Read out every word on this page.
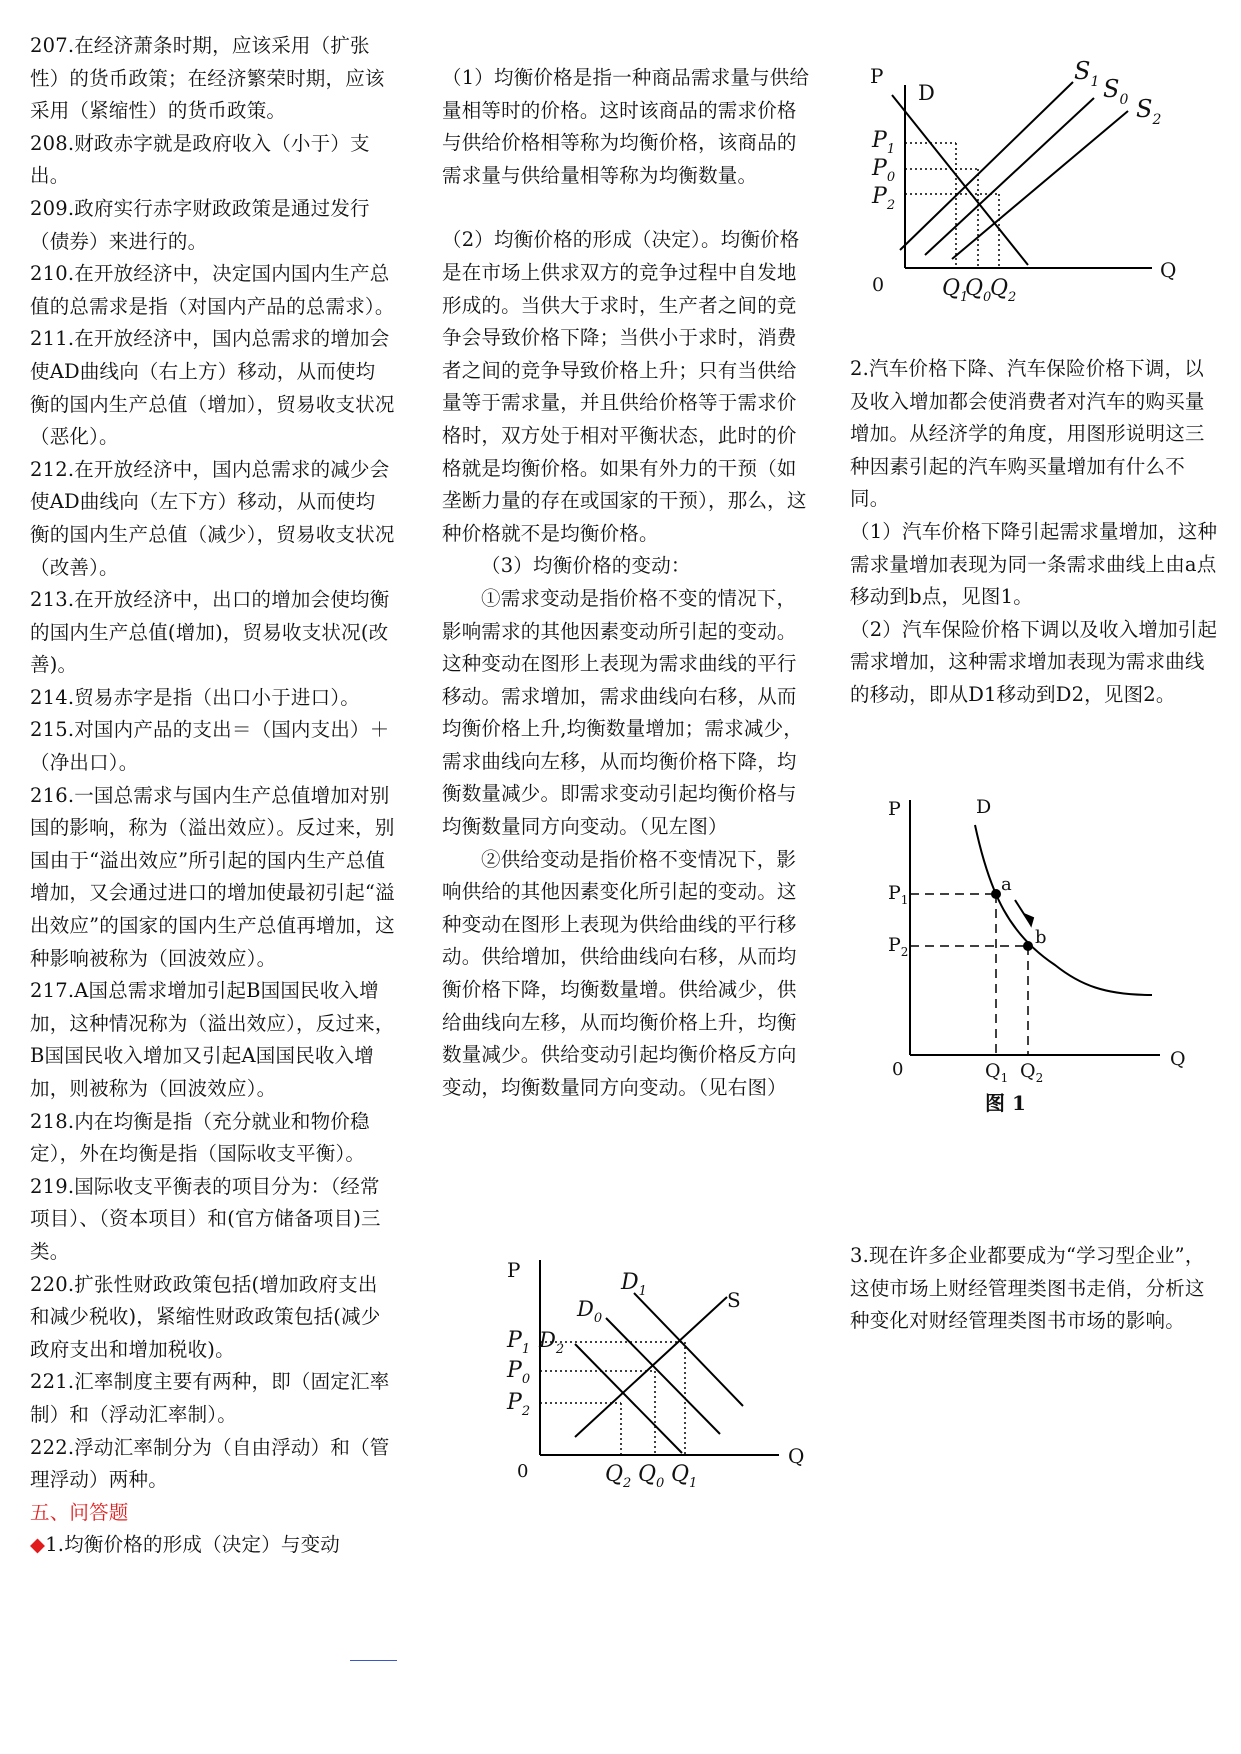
207.在经济萧条时期，应该采用（扩张性）的货币政策；在经济繁荣时期，应该采用（紧缩性）的货币政策。

208.财政赤字就是政府收入（小于）支出。

209.政府实行赤字财政政策是通过发行（债券）来进行的。

210.在开放经济中，决定国内国内生产总值的总需求是指（对国内产品的总需求）。

211.在开放经济中，国内总需求的增加会使AD曲线向（右上方）移动，从而使均衡的国内生产总值（增加），贸易收支状况（恶化）。

212.在开放经济中，国内总需求的减少会使AD曲线向（左下方）移动，从而使均衡的国内生产总值（减少），贸易收支状况（改善）。

213.在开放经济中，出口的增加会使均衡的国内生产总值(增加)，贸易收支状况(改善)。

214.贸易赤字是指（出口小于进口）。

215.对国内产品的支出＝（国内支出）＋（净出口）。

216.一国总需求与国内生产总值增加对别国的影响，称为（溢出效应）。反过来，别国由于“溢出效应”所引起的国内生产总值增加，又会通过进口的增加使最初引起“溢出效应”的国家的国内生产总值再增加，这种影响被称为（回波效应）。

217.A国总需求增加引起B国国民收入增加，这种情况称为（溢出效应），反过来，B国国民收入增加又引起A国国民收入增加，则被称为（回波效应）。

218.内在均衡是指（充分就业和物价稳定），外在均衡是指（国际收支平衡）。

219.国际收支平衡表的项目分为：（经常项目）、（资本项目）和(官方储备项目)三类。

220.扩张性财政政策包括(增加政府支出和减少税收)，紧缩性财政政策包括(减少政府支出和增加税收)。

221.汇率制度主要有两种，即（固定汇率制）和（浮动汇率制）。

222.浮动汇率制分为（自由浮动）和（管理浮动）两种。

五、问答题

◆1.均衡价格的形成（决定）与变动

（1）均衡价格是指一种商品需求量与供给量相等时的价格。这时该商品的需求价格与供给价格相等称为均衡价格，该商品的需求量与供给量相等称为均衡数量。

（2）均衡价格的形成（决定）。均衡价格是在市场上供求双方的竞争过程中自发地形成的。当供大于求时，生产者之间的竞争会导致价格下降；当供小于求时，消费者之间的竞争导致价格上升；只有当供给量等于需求量，并且供给价格等于需求价格时，双方处于相对平衡状态，此时的价格就是均衡价格。如果有外力的干预（如垄断力量的存在或国家的干预），那么，这种价格就不是均衡价格。

（3）均衡价格的变动：

①需求变动是指价格不变的情况下，影响需求的其他因素变动所引起的变动。这种变动在图形上表现为需求曲线的平行移动。需求增加，需求曲线向右移，从而均衡价格上升,均衡数量增加；需求减少，需求曲线向左移，从而均衡价格下降，均衡数量减少。即需求变动引起均衡价格与均衡数量同方向变动。（见左图）

②供给变动是指价格不变情况下，影响供给的其他因素变化所引起的变动。这种变动在图形上表现为供给曲线的平行移动。供给增加，供给曲线向右移，从而均衡价格下降，均衡数量增。供给减少，供给曲线向左移，从而均衡价格上升，均衡数量减少。供给变动引起均衡价格反方向变动，均衡数量同方向变动。（见右图）

2.汽车价格下降、汽车保险价格下调，以及收入增加都会使消费者对汽车的购买量增加。从经济学的角度，用图形说明这三种因素引起的汽车购买量增加有什么不同。

（1）汽车价格下降引起需求量增加，这种需求量增加表现为同一条需求曲线上由a点移动到b点，见图1。

（2）汽车保险价格下调以及收入增加引起需求增加，这种需求增加表现为需求曲线的移动，即从D1移动到D2，见图2。

3.现在许多企业都要成为“学习型企业”，这使市场上财经管理类图书走俏，分析这种变化对财经管理类图书市场的影响。

P
Q
0
D
$S_1$ $S_0$ $S_2$
$P_1$
$P_0$
$P_2$
$Q_1$
$Q_0$
$Q_2$
P
Q
0
D
$P_1$
$P_2$
a
b
$Q_1$ $Q_2$
图 1
P
Q
0
S
$D_1$
$D_0$
$D_2$
$P_1$
$P_0$
$P_2$
$Q_2$ $Q_0$ $Q_1$
